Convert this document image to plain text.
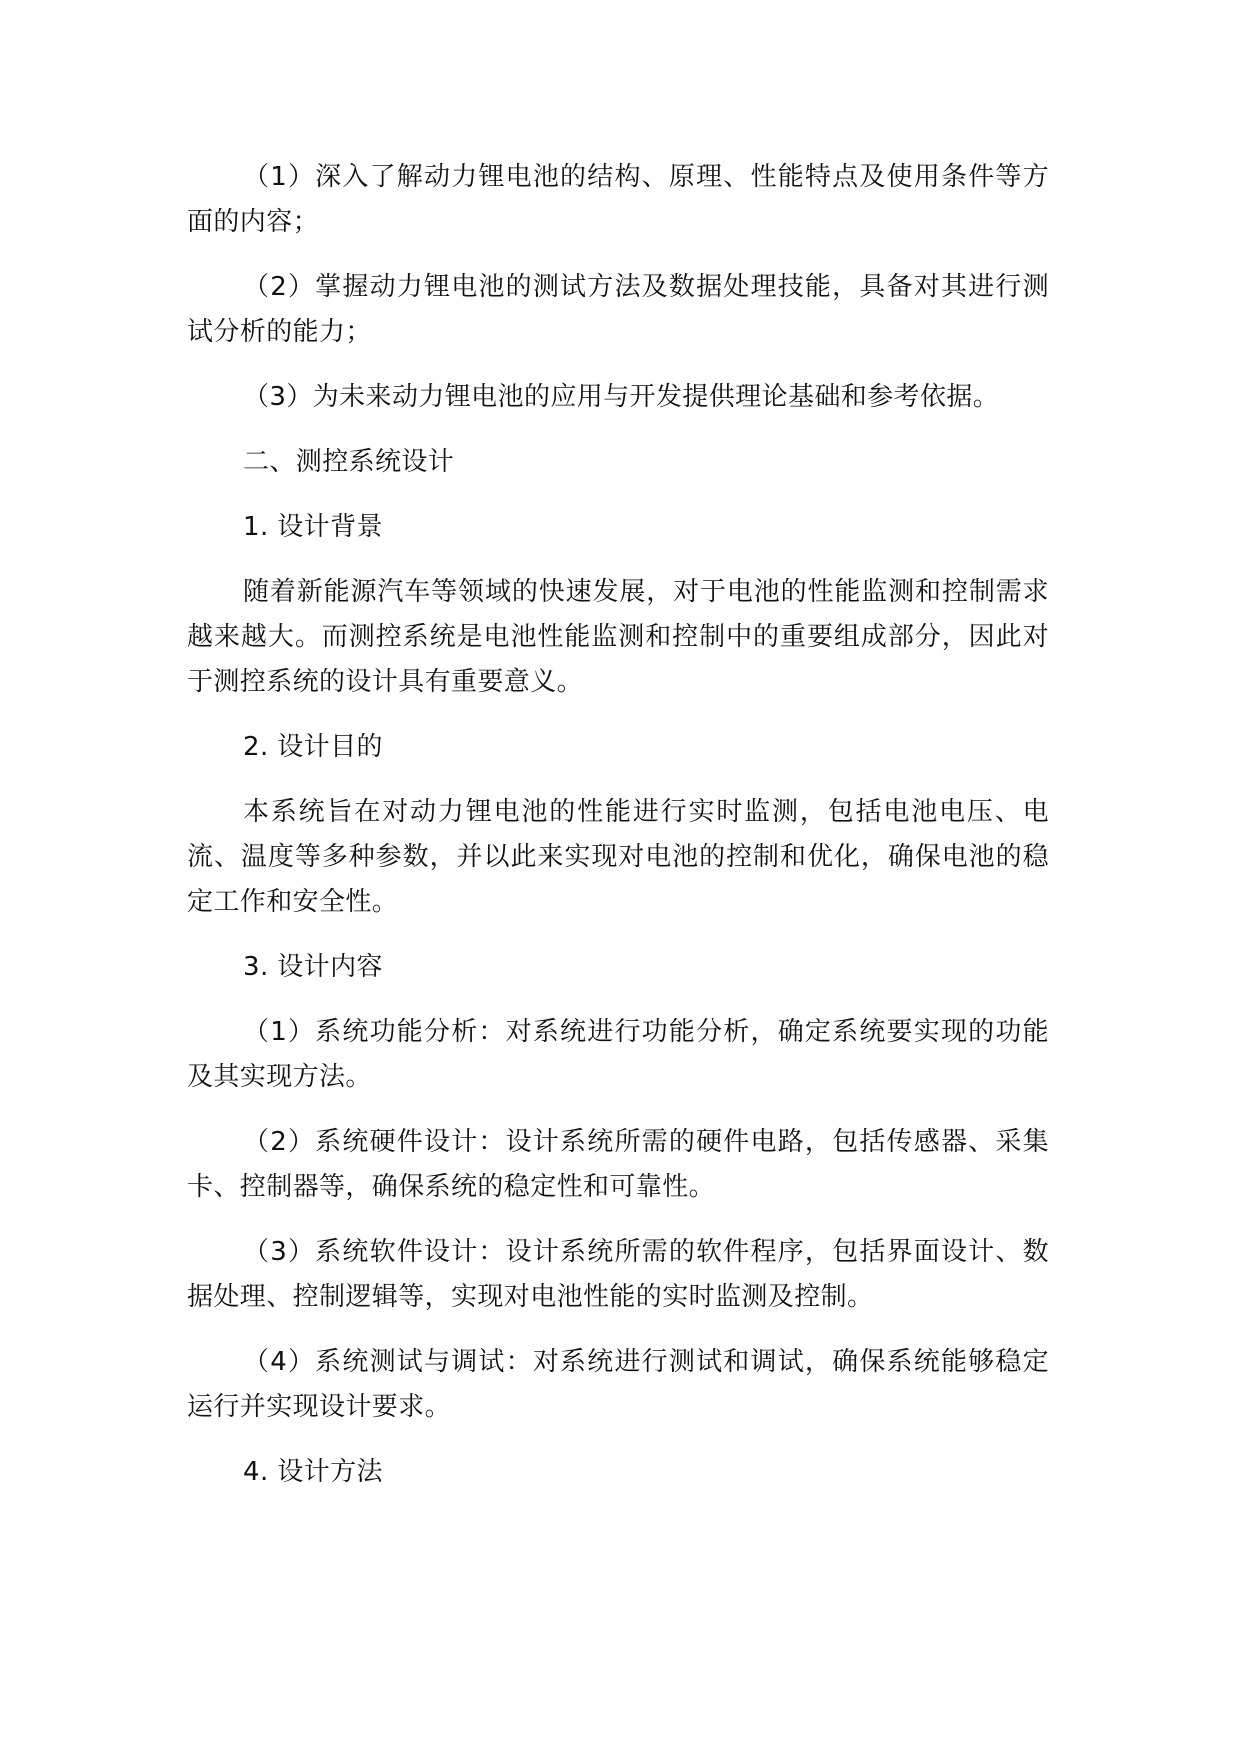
（1）深入了解动力锂电池的结构、原理、性能特点及使用条件等方面的内容；

（2）掌握动力锂电池的测试方法及数据处理技能，具备对其进行测试分析的能力；

（3）为未来动力锂电池的应用与开发提供理论基础和参考依据。

二、测控系统设计

1. 设计背景

随着新能源汽车等领域的快速发展，对于电池的性能监测和控制需求越来越大。而测控系统是电池性能监测和控制中的重要组成部分，因此对于测控系统的设计具有重要意义。

2. 设计目的

本系统旨在对动力锂电池的性能进行实时监测，包括电池电压、电流、温度等多种参数，并以此来实现对电池的控制和优化，确保电池的稳定工作和安全性。

3. 设计内容

（1）系统功能分析：对系统进行功能分析，确定系统要实现的功能及其实现方法。

（2）系统硬件设计：设计系统所需的硬件电路，包括传感器、采集卡、控制器等，确保系统的稳定性和可靠性。

（3）系统软件设计：设计系统所需的软件程序，包括界面设计、数据处理、控制逻辑等，实现对电池性能的实时监测及控制。

（4）系统测试与调试：对系统进行测试和调试，确保系统能够稳定运行并实现设计要求。

4. 设计方法
